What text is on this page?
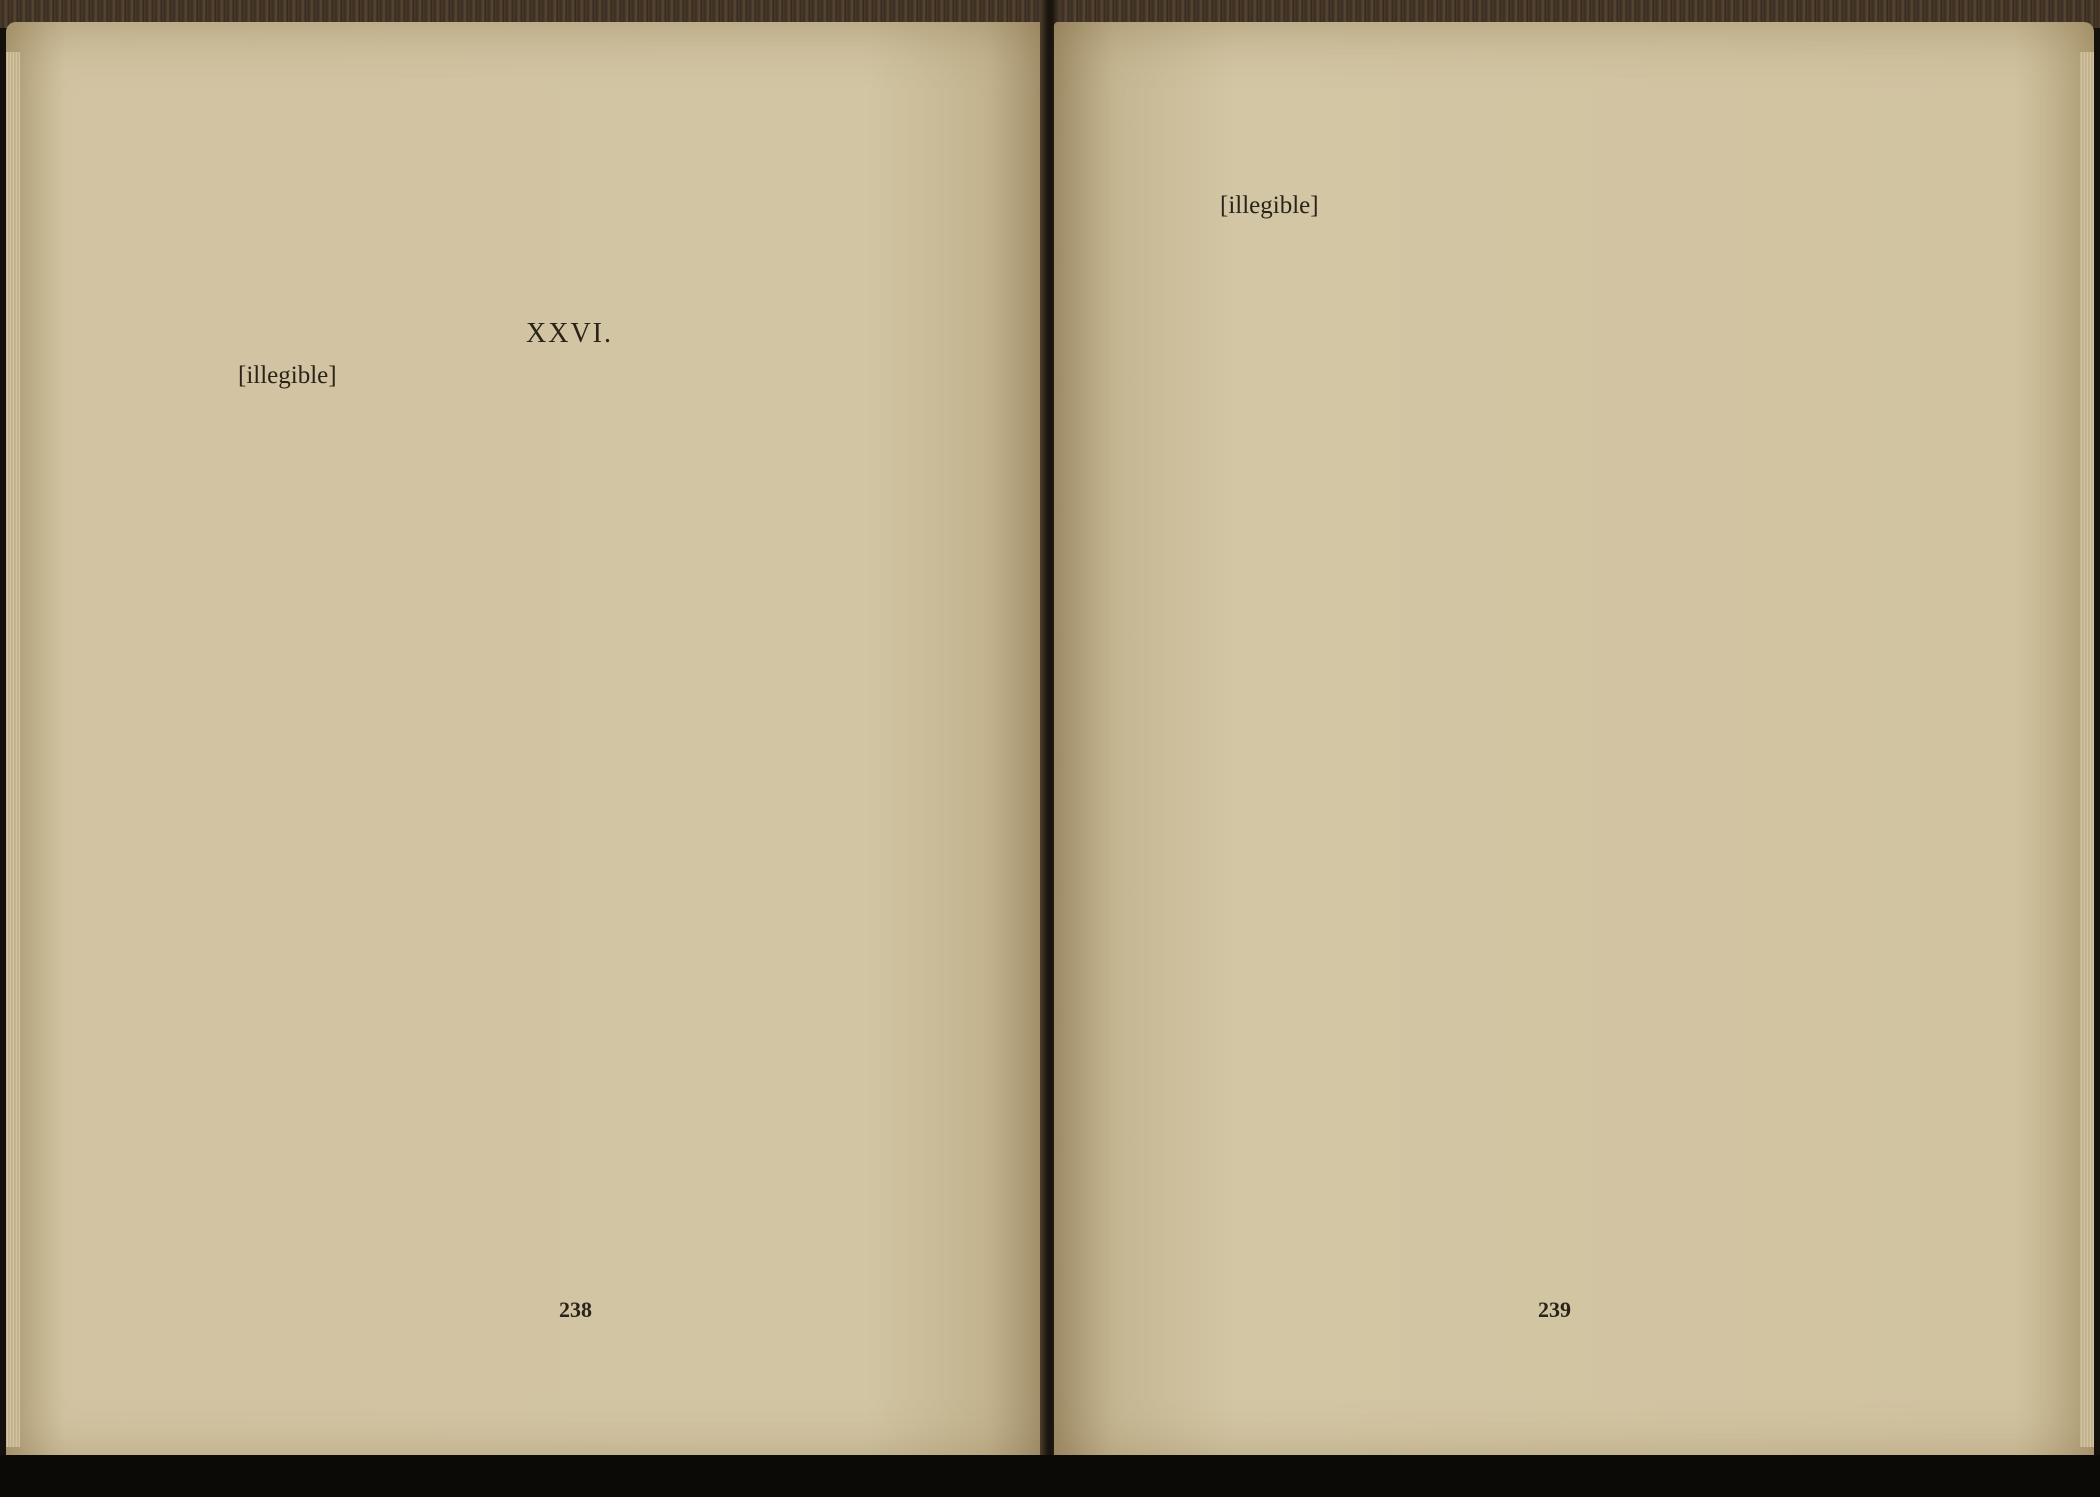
XXVI.

[illegible]

238

[illegible]

239
